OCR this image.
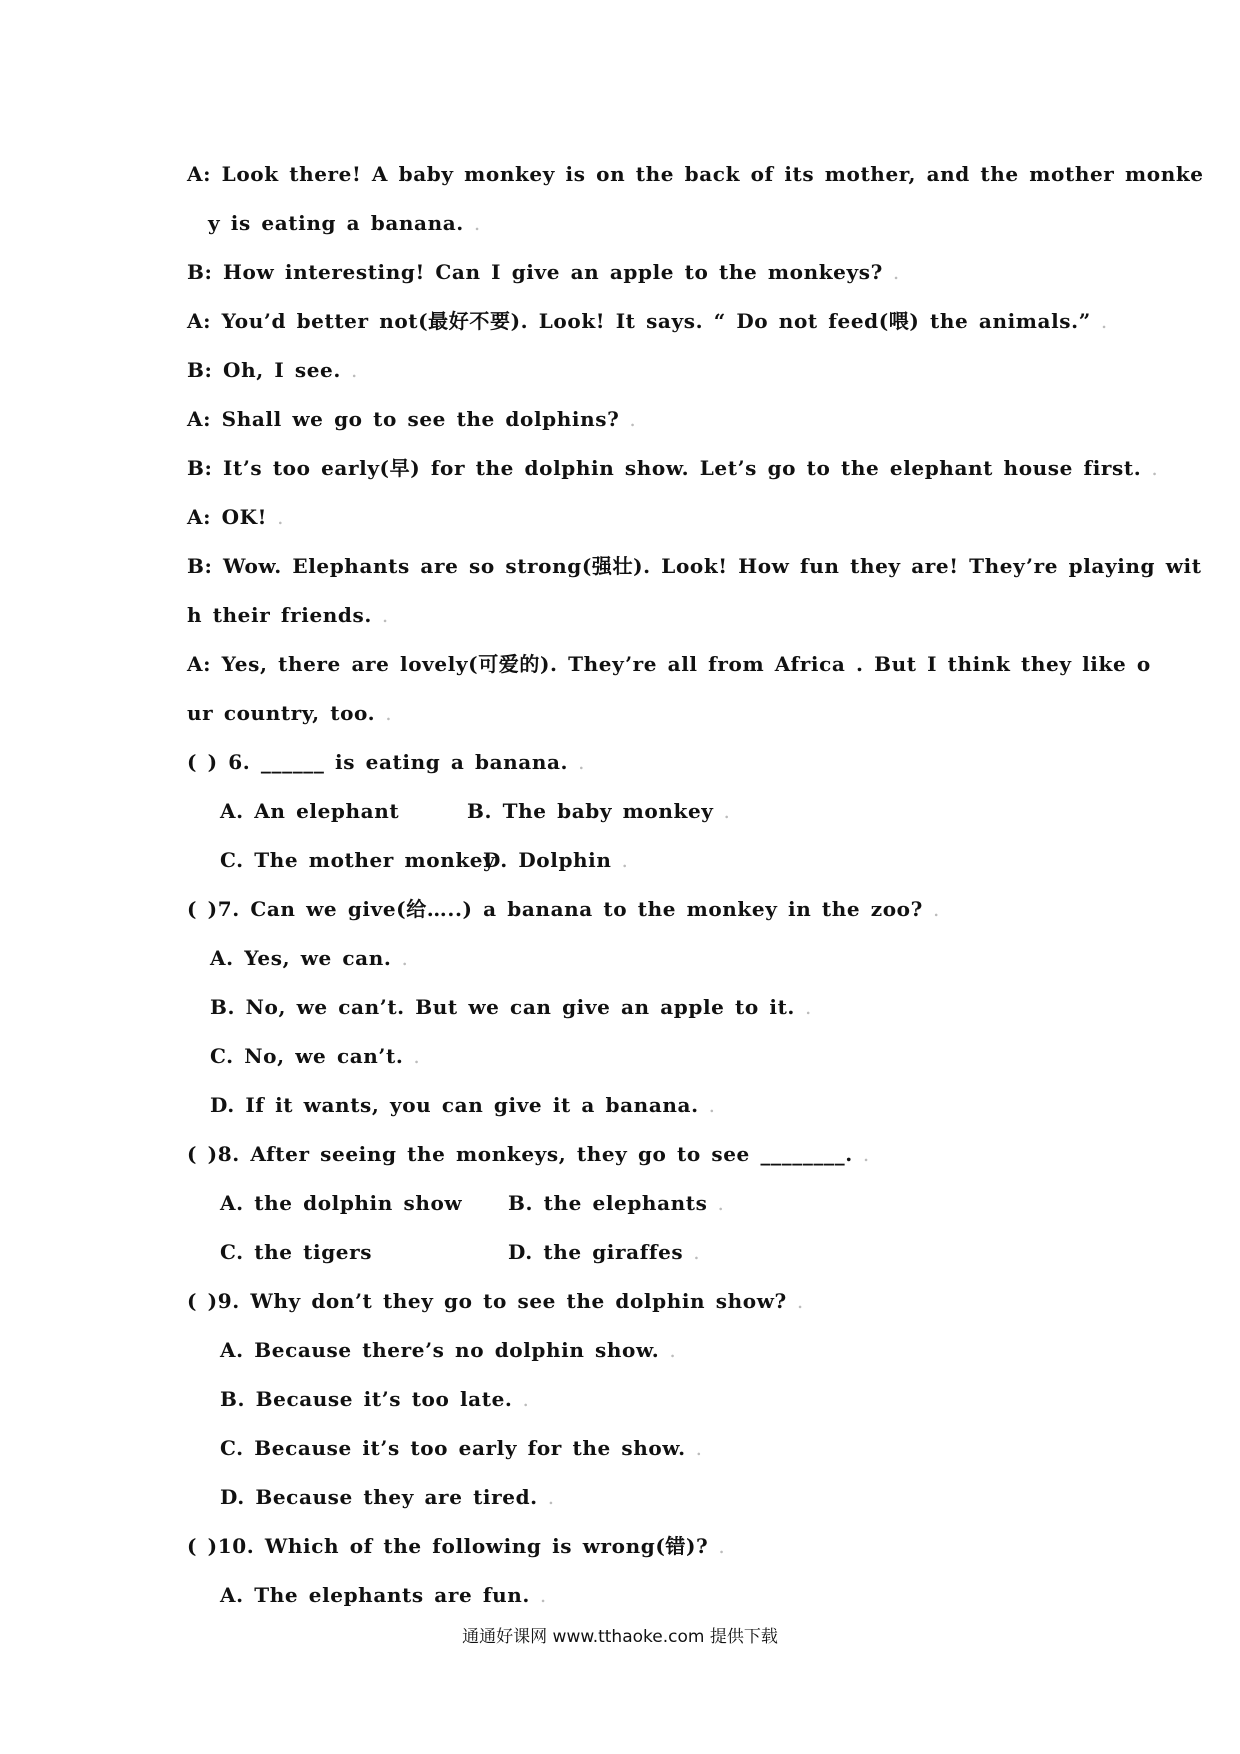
A: Look there! A baby monkey is on the back of its mother, and the mother monke
y is eating a banana. .
B: How interesting! Can I give an apple to the monkeys? .
A: You’d better not(最好不要). Look! It says. “ Do not feed(喂) the animals.” .
B: Oh, I see. .
A: Shall we go to see the dolphins? .
B: It’s too early(早) for the dolphin show. Let’s go to the elephant house first. .
A: OK! .
B: Wow. Elephants are so strong(强壮). Look! How fun they are! They’re playing wit
h their friends. .
A: Yes, there are lovely(可爱的). They’re all from Africa . But I think they like o
ur country, too. .
( ) 6. ______ is eating a banana. .
A. An elephant	B. The baby monkey .
C. The mother monkey
D. Dolphin .
( )7. Can we give(给…..) a banana to the monkey in the zoo? .
A. Yes, we can. .
B. No, we can’t. But we can give an apple to it. .
C. No, we can’t. .
D. If it wants, you can give it a banana. .
( )8. After seeing the monkeys, they go to see ________. .
A. the dolphin show B. the elephants .
C. the tigers	D. the giraffes .
( )9. Why don’t they go to see the dolphin show? .
A. Because there’s no dolphin show. .
B. Because it’s too late. .
C. Because it’s too early for the show. .
D. Because they are tired. .
( )10. Which of the following is wrong(错)? .
A. The elephants are fun. .
通通好课网 www.tthaoke.com 提供下载
